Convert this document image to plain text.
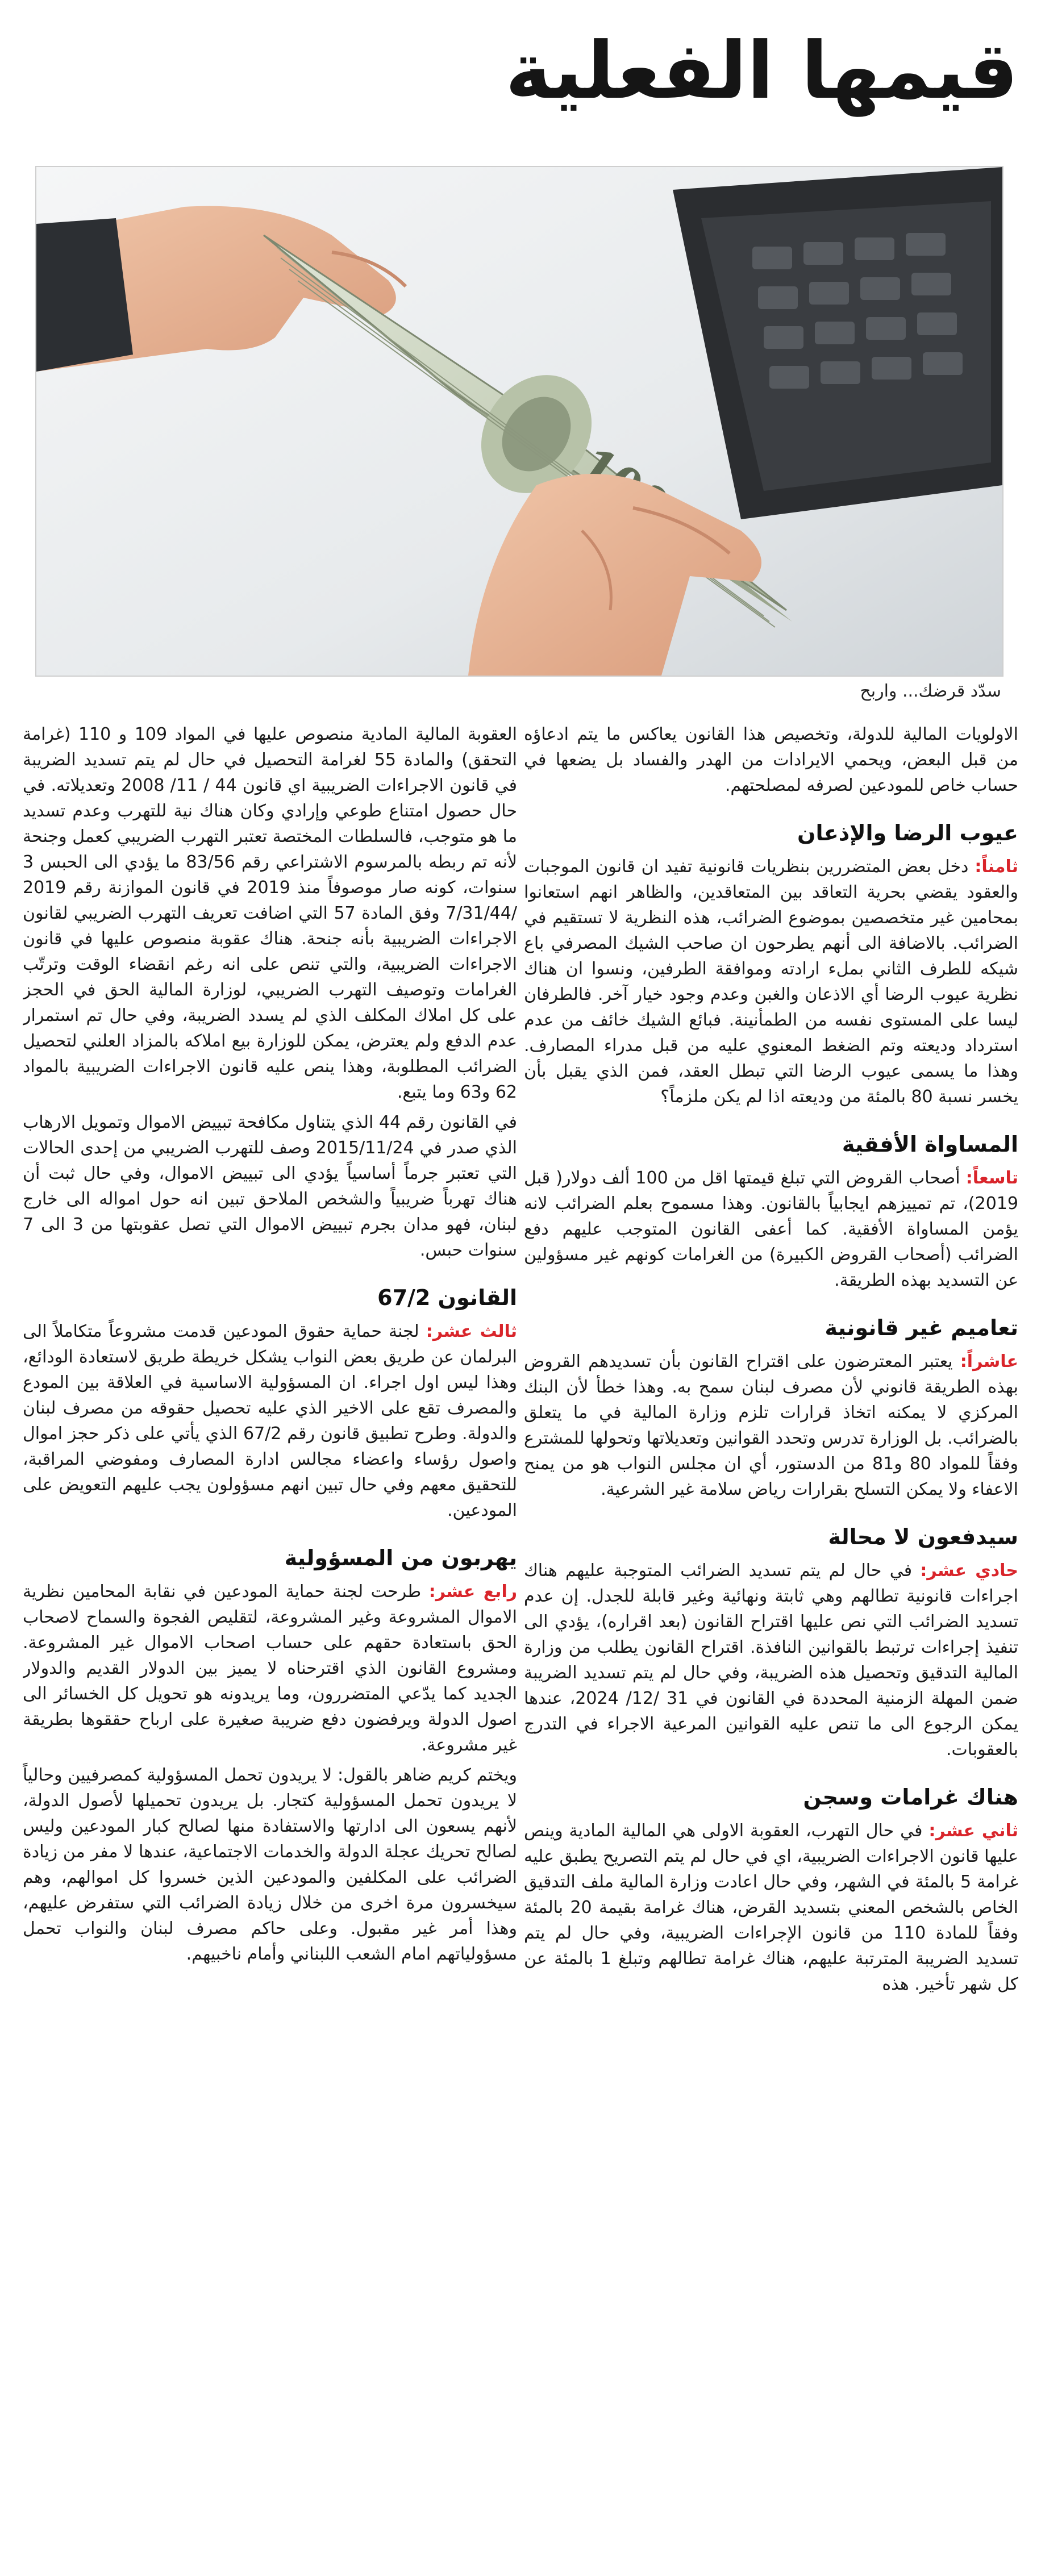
قيمها الفعلية
سدّد قرضك... واربح

الاولويات المالية للدولة، وتخصيص هذا القانون يعاكس ما يتم ادعاؤه من قبل البعض، ويحمي الايرادات من الهدر والفساد بل يضعها في حساب خاص للمودعين لصرفه لمصلحتهم.

عيوب الرضا والإذعان

ثامناً: دخل بعض المتضررين بنظريات قانونية تفيد ان قانون الموجبات والعقود يقضي بحرية التعاقد بين المتعاقدين، والظاهر انهم استعانوا بمحامين غير متخصصين بموضوع الضرائب، هذه النظرية لا تستقيم في الضرائب. بالاضافة الى أنهم يطرحون ان صاحب الشيك المصرفي باع شيكه للطرف الثاني بملء ارادته وموافقة الطرفين، ونسوا ان هناك نظرية عيوب الرضا أي الاذعان والغبن وعدم وجود خيار آخر. فالطرفان ليسا على المستوى نفسه من الطمأنينة. فبائع الشيك خائف من عدم استرداد وديعته وتم الضغط المعنوي عليه من قبل مدراء المصارف. وهذا ما يسمى عيوب الرضا التي تبطل العقد، فمن الذي يقبل بأن يخسر نسبة 80 بالمئة من وديعته اذا لم يكن ملزماً؟

المساواة الأفقية

تاسعاً: أصحاب القروض التي تبلغ قيمتها اقل من 100 ألف دولار( قبل 2019)، تم تمييزهم ايجابياً بالقانون. وهذا مسموح بعلم الضرائب لانه يؤمن المساواة الأفقية. كما أعفى القانون المتوجب عليهم دفع الضرائب (أصحاب القروض الكبيرة) من الغرامات كونهم غير مسؤولين عن التسديد بهذه الطريقة.

تعاميم غير قانونية

عاشراً: يعتبر المعترضون على اقتراح القانون بأن تسديدهم القروض بهذه الطريقة قانوني لأن مصرف لبنان سمح به. وهذا خطأ لأن البنك المركزي لا يمكنه اتخاذ قرارات تلزم وزارة المالية في ما يتعلق بالضرائب. بل الوزارة تدرس وتحدد القوانين وتعديلاتها وتحولها للمشترع وفقاً للمواد 80 و81 من الدستور، أي ان مجلس النواب هو من يمنح الاعفاء ولا يمكن التسلح بقرارات رياض سلامة غير الشرعية.

سيدفعون لا محالة

حادي عشر: في حال لم يتم تسديد الضرائب المتوجبة عليهم هناك اجراءات قانونية تطالهم وهي ثابتة ونهائية وغير قابلة للجدل. إن عدم تسديد الضرائب التي نص عليها اقتراح القانون (بعد اقراره)، يؤدي الى تنفيذ إجراءات ترتبط بالقوانين النافذة. اقتراح القانون يطلب من وزارة المالية التدقيق وتحصيل هذه الضريبة، وفي حال لم يتم تسديد الضريبة ضمن المهلة الزمنية المحددة في القانون في 31 /12/ 2024، عندها يمكن الرجوع الى ما تنص عليه القوانين المرعية الاجراء في التدرج بالعقوبات.

هناك غرامات وسجن

ثاني عشر: في حال التهرب، العقوبة الاولى هي المالية المادية وينص عليها قانون الاجراءات الضريبية، اي في حال لم يتم التصريح يطبق عليه غرامة 5 بالمئة في الشهر، وفي حال اعادت وزارة المالية ملف التدقيق الخاص بالشخص المعني بتسديد القرض، هناك غرامة بقيمة 20 بالمئة وفقاً للمادة 110 من قانون الإجراءات الضريبية، وفي حال لم يتم تسديد الضريبة المترتبة عليهم، هناك غرامة تطالهم وتبلغ 1 بالمئة عن كل شهر تأخير. هذه

العقوبة المالية المادية منصوص عليها في المواد 109 و 110 (غرامة التحقق) والمادة 55 لغرامة التحصيل في حال لم يتم تسديد الضريبة في قانون الاجراءات الضريبية اي قانون 44 / 11/ 2008 وتعديلاته. في حال حصول امتناع طوعي وإرادي وكان هناك نية للتهرب وعدم تسديد ما هو متوجب، فالسلطات المختصة تعتبر التهرب الضريبي كعمل وجنحة لأنه تم ربطه بالمرسوم الاشتراعي رقم 83/56 ما يؤدي الى الحبس 3 سنوات، كونه صار موصوفاً منذ 2019 في قانون الموازنة رقم 2019 /7/31/44 وفق المادة 57 التي اضافت تعريف التهرب الضريبي لقانون الاجراءات الضريبية بأنه جنحة. هناك عقوبة منصوص عليها في قانون الاجراءات الضريبية، والتي تنص على انه رغم انقضاء الوقت وترتّب الغرامات وتوصيف التهرب الضريبي، لوزارة المالية الحق في الحجز على كل املاك المكلف الذي لم يسدد الضريبة، وفي حال تم استمرار عدم الدفع ولم يعترض، يمكن للوزارة بيع املاكه بالمزاد العلني لتحصيل الضرائب المطلوبة، وهذا ينص عليه قانون الاجراءات الضريبية بالمواد 62 و63 وما يتبع.

في القانون رقم 44 الذي يتناول مكافحة تبييض الاموال وتمويل الارهاب الذي صدر في 2015/11/24 وصف للتهرب الضريبي من إحدى الحالات التي تعتبر جرماً أساسياً يؤدي الى تبييض الاموال، وفي حال ثبت أن هناك تهرباً ضريبياً والشخص الملاحق تبين انه حول امواله الى خارج لبنان، فهو مدان بجرم تبييض الاموال التي تصل عقوبتها من 3 الى 7 سنوات حبس.

القانون 67/2

ثالث عشر: لجنة حماية حقوق المودعين قدمت مشروعاً متكاملاً الى البرلمان عن طريق بعض النواب يشكل خريطة طريق لاستعادة الودائع، وهذا ليس اول اجراء. ان المسؤولية الاساسية في العلاقة بين المودع والمصرف تقع على الاخير الذي عليه تحصيل حقوقه من مصرف لبنان والدولة. وطرح تطبيق قانون رقم 67/2 الذي يأتي على ذكر حجز اموال واصول رؤساء واعضاء مجالس ادارة المصارف ومفوضي المراقبة، للتحقيق معهم وفي حال تبين انهم مسؤولون يجب عليهم التعويض على المودعين.

يهربون من المسؤولية

رابع عشر: طرحت لجنة حماية المودعين في نقابة المحامين نظرية الاموال المشروعة وغير المشروعة، لتقليص الفجوة والسماح لاصحاب الحق باستعادة حقهم على حساب اصحاب الاموال غير المشروعة. ومشروع القانون الذي اقترحناه لا يميز بين الدولار القديم والدولار الجديد كما يدّعي المتضررون، وما يريدونه هو تحويل كل الخسائر الى اصول الدولة ويرفضون دفع ضريبة صغيرة على ارباح حققوها بطريقة غير مشروعة.

ويختم كريم ضاهر بالقول: لا يريدون تحمل المسؤولية كمصرفيين وحالياً لا يريدون تحمل المسؤولية كتجار. بل يريدون تحميلها لأصول الدولة، لأنهم يسعون الى ادارتها والاستفادة منها لصالح كبار المودعين وليس لصالح تحريك عجلة الدولة والخدمات الاجتماعية، عندها لا مفر من زيادة الضرائب على المكلفين والمودعين الذين خسروا كل اموالهم، وهم سيخسرون مرة اخرى من خلال زيادة الضرائب التي ستفرض عليهم، وهذا أمر غير مقبول. وعلى حاكم مصرف لبنان والنواب تحمل مسؤولياتهم امام الشعب اللبناني وأمام ناخبيهم.
